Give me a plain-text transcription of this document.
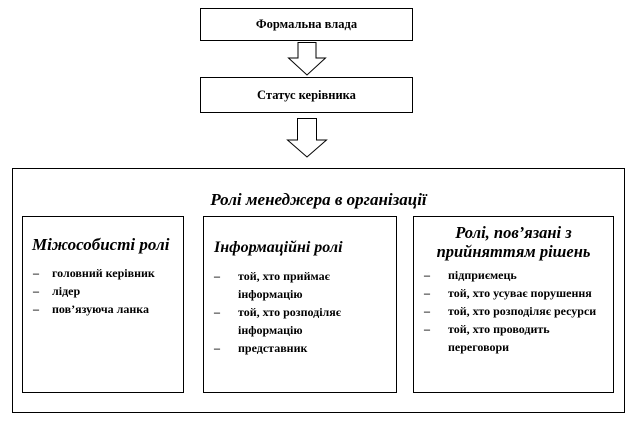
Формальна влада
Статус керівника
Ролі менеджера в організації
Міжособисті ролі
– головний керівник
– лідер
– пов’язуюча ланка
Інформаційні ролі
– той, хто приймає інформацію
– той, хто розподіляє інформацію
– представник
Ролі, пов’язані з прийняттям рішень
– підприємець
– той, хто усуває порушення
– той, хто розподіляє ресурси
– той, хто проводить переговори
